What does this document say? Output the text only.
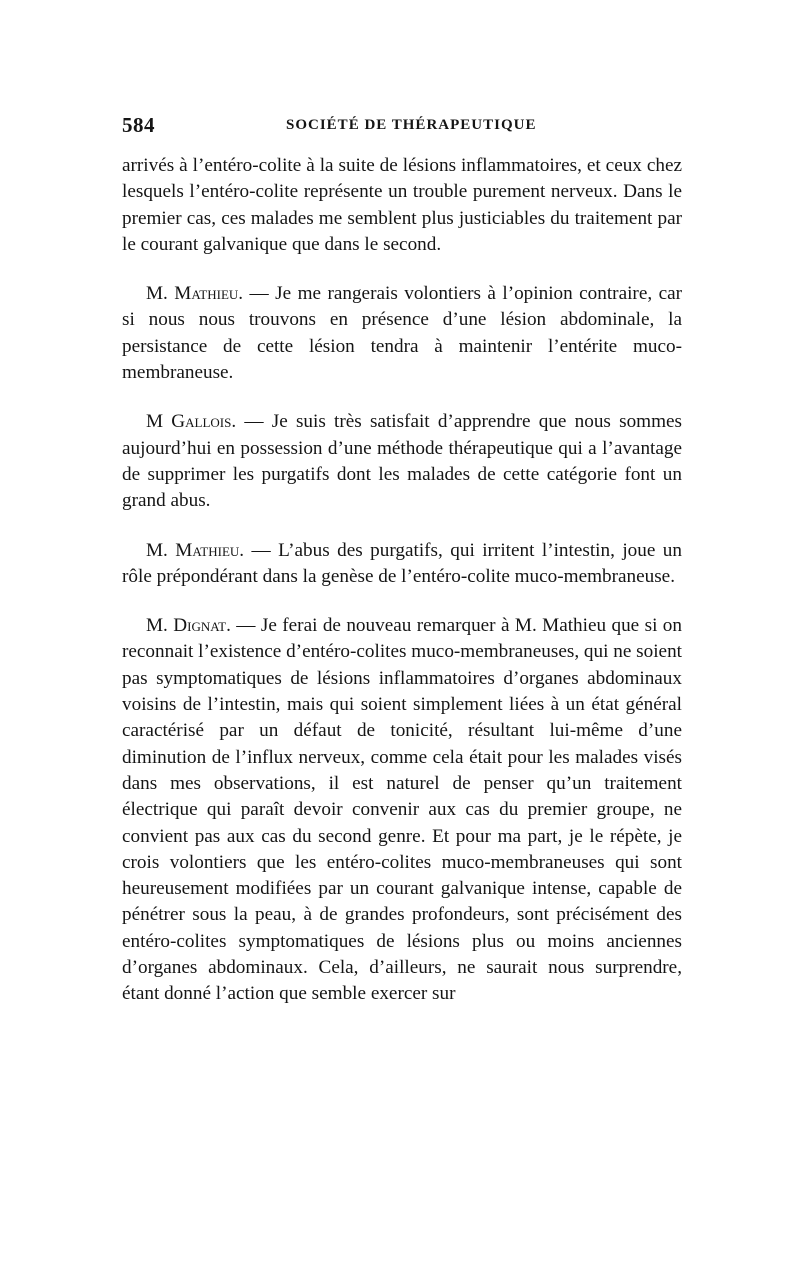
584	SOCIÉTÉ DE THÉRAPEUTIQUE

arrivés à l’entéro-colite à la suite de lésions inflammatoires, et ceux chez lesquels l’entéro-colite représente un trouble purement nerveux. Dans le premier cas, ces malades me semblent plus justiciables du traitement par le courant galvanique que dans le second.

M. Mathieu. — Je me rangerais volontiers à l’opinion contraire, car si nous nous trouvons en présence d’une lésion abdominale, la persistance de cette lésion tendra à maintenir l’entérite muco-membraneuse.

M Gallois. — Je suis très satisfait d’apprendre que nous sommes aujourd’hui en possession d’une méthode thérapeutique qui a l’avantage de supprimer les purgatifs dont les malades de cette catégorie font un grand abus.

M. Mathieu. — L’abus des purgatifs, qui irritent l’intestin, joue un rôle prépondérant dans la genèse de l’entéro-colite muco-membraneuse.

M. Dignat. — Je ferai de nouveau remarquer à M. Mathieu que si on reconnait l’existence d’entéro-colites muco-membraneuses, qui ne soient pas symptomatiques de lésions inflammatoires d’organes abdominaux voisins de l’intestin, mais qui soient simplement liées à un état général caractérisé par un défaut de tonicité, résultant lui-même d’une diminution de l’influx nerveux, comme cela était pour les malades visés dans mes observations, il est naturel de penser qu’un traitement électrique qui paraît devoir convenir aux cas du premier groupe, ne convient pas aux cas du second genre. Et pour ma part, je le répète, je crois volontiers que les entéro-colites muco-membraneuses qui sont heureusement modifiées par un courant galvanique intense, capable de pénétrer sous la peau, à de grandes profondeurs, sont précisément des entéro-colites symptomatiques de lésions plus ou moins anciennes d’organes abdominaux. Cela, d’ailleurs, ne saurait nous surprendre, étant donné l’action que semble exercer sur
